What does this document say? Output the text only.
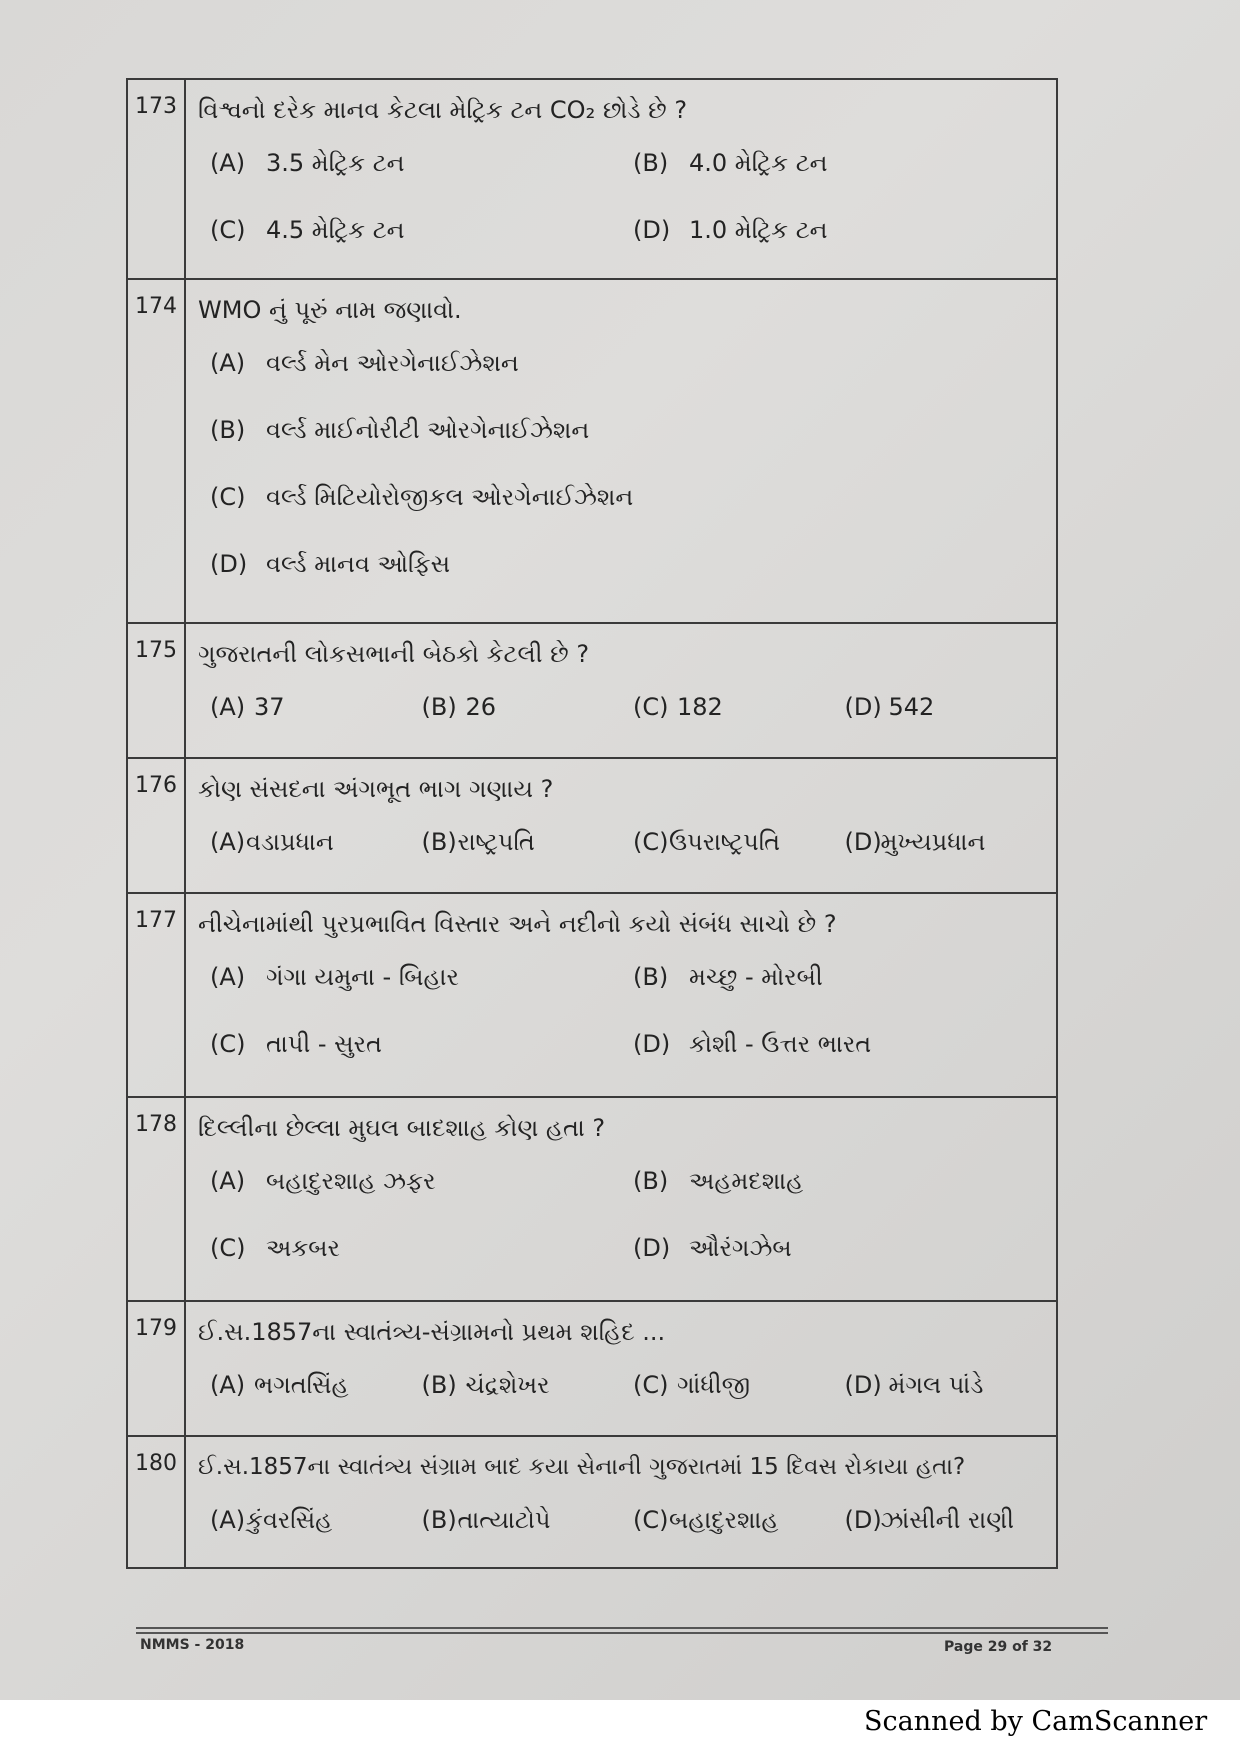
173 વિશ્વનો દરેક માનવ કેટલા મેટ્રિક ટન CO₂ છોડે છે ?
(A) 3.5 મેટ્રિક ટન	(B) 4.0 મેટ્રિક ટન
(C) 4.5 મેટ્રિક ટન	(D) 1.0 મેટ્રિક ટન
174 WMO નું પૂરું નામ જણાવો.
(A) વર્લ્ડ મેન ઓરગેનાઈઝેશન
(B) વર્લ્ડ માઈનોરીટી ઓરગેનાઈઝેશન
(C) વર્લ્ડ મિટિયોરોજીકલ ઓરગેનાઈઝેશન
(D) વર્લ્ડ માનવ ઓફિસ
175 ગુજરાતની લોકસભાની બેઠકો કેટલી છે ?
(A) 37	(B) 26	(C) 182	(D) 542
176 કોણ સંસદના અંગભૂત ભાગ ગણાય ?
(A)વડાપ્રધાન	(B)રાષ્ટ્રપતિ	(C)ઉપરાષ્ટ્રપતિ	(D)મુખ્યપ્રધાન
177 નીચેનામાંથી પુરપ્રભાવિત વિસ્તાર અને નદીનો કયો સંબંધ સાચો છે ?
(A) ગંગા યમુના - બિહાર	(B) મચ્છુ - મોરબી
(C) તાપી - સુરત	(D) કોશી - ઉત્તર ભારત
178 દિલ્લીના છેલ્લા મુઘલ બાદશાહ કોણ હતા ?
(A) બહાદુરશાહ ઝફર	(B) અહમદશાહ
(C) અકબર	(D) ઔરંગઝેબ
179 ઈ.સ.1857ના સ્વાતંત્ર્ય-સંગ્રામનો પ્રથમ શહિદ ...
(A) ભગતસિંહ	(B) ચંદ્રશેખર	(C) ગાંધીજી	(D) મંગલ પાંડે
180 ઈ.સ.1857ના સ્વાતંત્ર્ય સંગ્રામ બાદ કયા સેનાની ગુજરાતમાં 15 દિવસ રોકાયા હતા?
(A)કુંવરસિંહ	(B)તાત્યાટોપે	(C)બહાદુરશાહ	(D)ઝાંસીની રાણી
NMMS - 2018	Page 29 of 32
Scanned by CamScanner
